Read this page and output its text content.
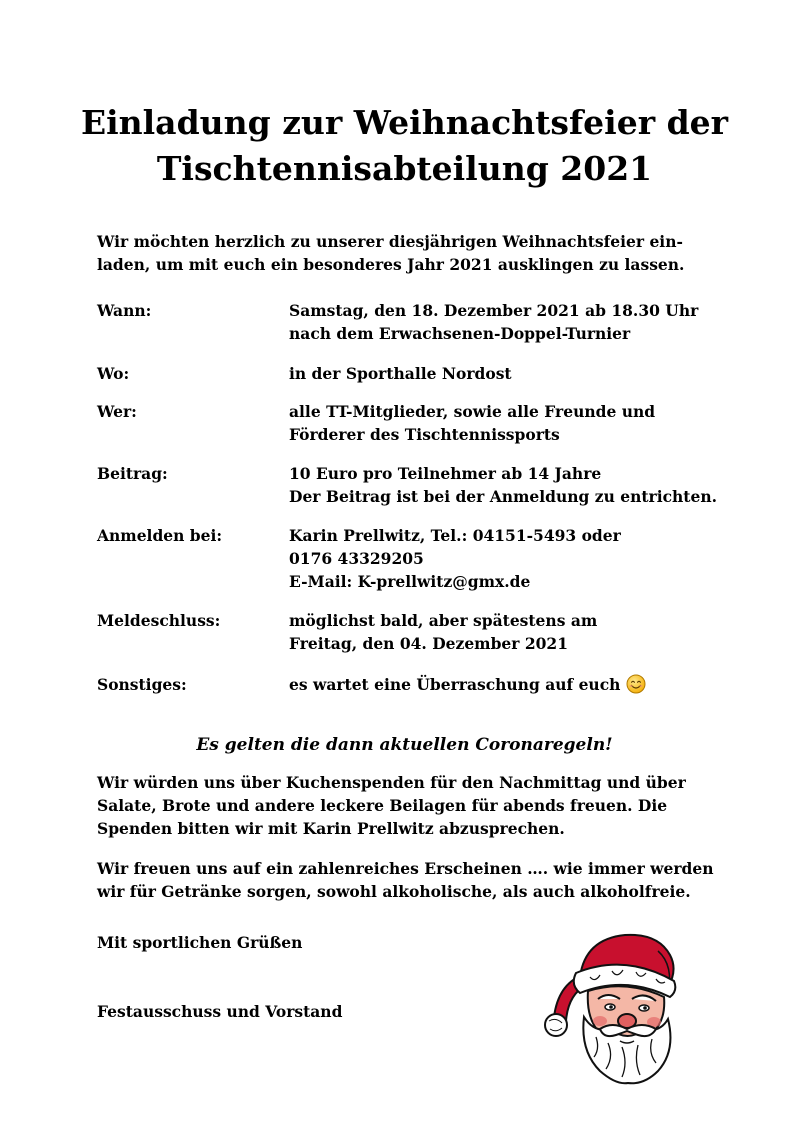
Einladung zur Weihnachtsfeier der
Tischtennisabteilung 2021
Wir möchten herzlich zu unserer diesjährigen Weihnachtsfeier ein-
laden, um mit euch ein besonderes Jahr 2021 ausklingen zu lassen.
Wann:	Samstag, den 18. Dezember 2021 ab 18.30 Uhr
nach dem Erwachsenen-Doppel-Turnier
Wo:	in der Sporthalle Nordost
Wer:	alle TT-Mitglieder, sowie alle Freunde und
Förderer des Tischtennissports
Beitrag:	10 Euro pro Teilnehmer ab 14 Jahre
Der Beitrag ist bei der Anmeldung zu entrichten.
Anmelden bei:	Karin Prellwitz, Tel.: 04151-5493 oder
0176 43329205
E-Mail: K-prellwitz@gmx.de
Meldeschluss:	möglichst bald, aber spätestens am
Freitag, den 04. Dezember 2021
Sonstiges:	es wartet eine Überraschung auf euch
Es gelten die dann aktuellen Coronaregeln!
Wir würden uns über Kuchenspenden für den Nachmittag und über
Salate, Brote und andere leckere Beilagen für abends freuen. Die
Spenden bitten wir mit Karin Prellwitz abzusprechen.
Wir freuen uns auf ein zahlenreiches Erscheinen …. wie immer werden
wir für Getränke sorgen, sowohl alkoholische, als auch alkoholfreie.
Mit sportlichen Grüßen
Festausschuss und Vorstand
